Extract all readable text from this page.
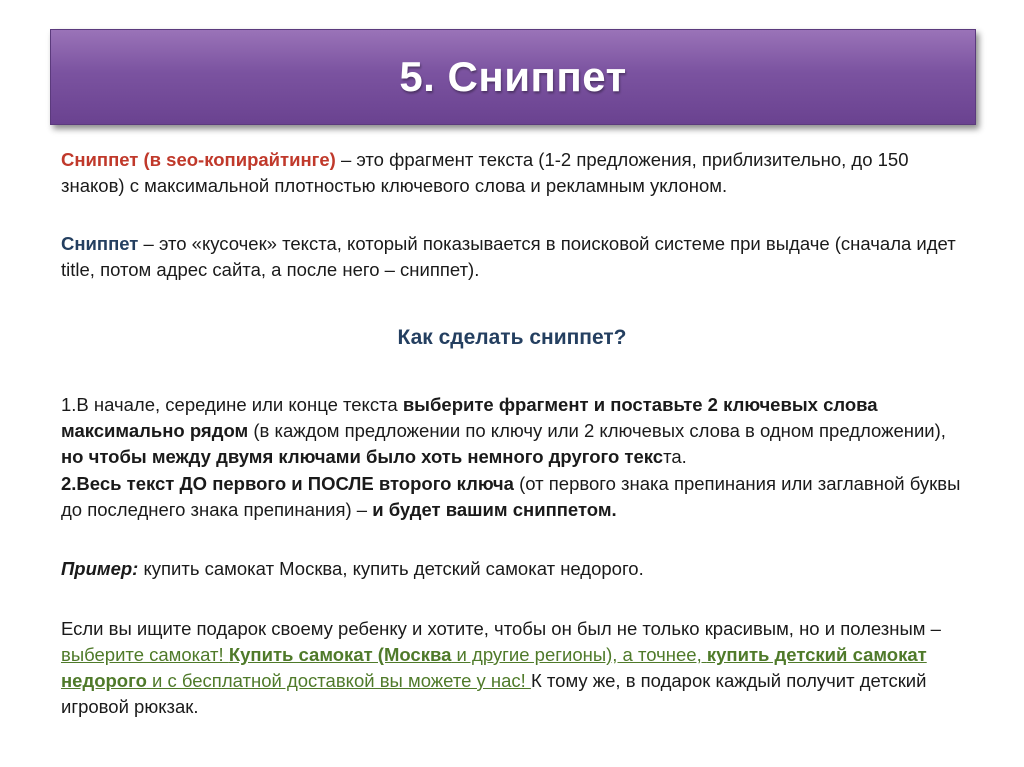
5. Сниппет
Сниппет (в seo-копирайтинге) – это фрагмент текста (1-2 предложения, приблизительно, до 150 знаков) с максимальной плотностью ключевого слова и рекламным уклоном.
Сниппет – это «кусочек» текста, который показывается в поисковой системе при выдаче (сначала идет title, потом адрес сайта, а после него – сниппет).
Как сделать сниппет?
1.В начале, середине или конце текста выберите фрагмент и поставьте 2 ключевых слова максимально рядом (в каждом предложении по ключу или 2 ключевых слова в одном предложении), но чтобы между двумя ключами было хоть немного другого текста.
2.Весь текст ДО первого и ПОСЛЕ второго ключа (от первого знака препинания или заглавной буквы до последнего знака препинания) – и будет вашим сниппетом.
Пример: купить самокат Москва, купить детский самокат недорого.
Если вы ищите подарок своему ребенку и хотите, чтобы он был не только красивым, но и полезным – выберите самокат! Купить самокат (Москва и другие регионы), а точнее, купить детский самокат недорого и с бесплатной доставкой вы можете у нас! К тому же, в подарок каждый получит детский игровой рюкзак.
